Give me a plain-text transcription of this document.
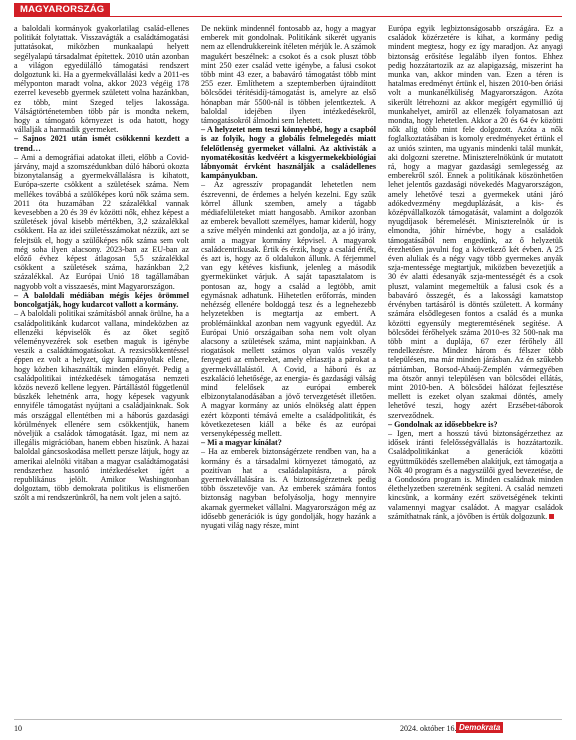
MAGYARORSZÁG

a baloldali kormányok gyakorlatilag család-ellenes politikát folytattak. Visszavágták a családtámogatási juttatásokat, miközben munkaalapú helyett segélyalapú társadalmat építettek. 2010 után azonban a világon egyedülálló támogatási rendszert dolgoztunk ki. Ha a gyermekvállalási kedv a 2011-es mélyponton maradt volna, akkor 2023 végéig 178 ezerrel kevesebb gyermek született volna hazánkban, ez több, mint Szeged teljes lakossága. Válságtörténetemben több pár is mondta nekem, hogy a támogató környezet is oda hatott, hogy vállalják a harmadik gyermeket.

– Sajnos 2021 után ismét csökkenni kezdett a trend…

– Ami a demográfiai adatokat illeti, előbb a Covid-járvány, majd a szomszédunkban dúló háború okozta bizonytalanság a gyermekvállalásra is kihatott, Európa-szerte csökkent a születések száma. Nem mellékes továbbá a szülőképes korú nők száma sem. 2011 óta huzamában 22 százalékkal vannak kevesebben a 20 és 39 év közötti nők, ehhez képest a születések jóval kisebb mértékben, 3,2 százalékkal csökkent. Ha az idei születésszámokat nézzük, azt se felejtsük el, hogy a szülőképes nők száma sem volt még soha ilyen alacsony. 2023-ban az EU-ban az előző évhez képest átlagosan 5,5 százalékkal csökkent a születések száma, hazánkban 2,2 százalékkal. Az Európai Unió 18 tagállamában nagyobb volt a visszaesés, mint Magyarországon.

– A baloldali médiában mégis kéjes örömmel boncolgatják, hogy kudarcot vallott a kormány.

– A baloldali politikai számításból annak örülne, ha a családpolitikánk kudarcot vallana, mindeközben az ellenzéki képviselők és az őket segítő véleményvezérek sok esetben maguk is igénybe veszik a családtámogatásokat. A rezsicsökkentéssel éppen ez volt a helyzet, úgy kampányoltak ellene, hogy közben kihasználták minden előnyét. Pedig a családpolitikai intézkedések támogatása nemzeti közös nevező kellene legyen. Pártállástól függetlenül büszkék lehetnénk arra, hogy képesek vagyunk ennyiféle támogatást nyújtani a családjainknak. Sok más országgal ellentétben mi a háborús gazdasági körülmények ellenére sem csökkentjük, hanem növeljük a családok támogatását. Igaz, mi nem az illegális migrációban, hanem ebben hiszünk. A hazai baloldal gáncsoskodása mellett persze látjuk, hogy az amerikai alelnöki vitában a magyar családtámogatási rendszerhez hasonló intézkedéseket ígért a republikánus jelölt. Amikor Washingtonban dolgoztam, több demokrata politikus is elismerően szólt a mi rendszerünkről, ha nem volt jelen a sajtó.

De nekünk mindennél fontosabb az, hogy a magyar emberek mit gondolnak. Politikánk sikerét ugyanis nem az ellendrukkereink ítéleten mérjük le. A számok magukért beszélnek: a csokot és a csok pluszt több mint 250 ezer család vette igénybe, a falusi csokot több mint 43 ezer, a babaváró támogatást több mint 255 ezer. Említhetem a szeptemberben újraindított bölcsődei térítésidíj-támogatást is, amelyre az első hónapban már 5500-nál is többen jelentkeztek. A baloldal idejében ilyen intézkedésekről, támogatásokról álmodni sem lehetett.

– A helyzetet nem teszi könnyebbé, hogy a csapból is az folyik, hogy a globális felmelegedés miatt felelőtlenség gyermeket vállalni. Az aktivisták a nyomatékosítás kedvéért a kisgyermekekbiológiai lábnyomát érvként használják a családellenes kampányukban.

– Az agresszív propagandát lehetetlen nem észrevenni, de érdemes a helyén kezelni. Egy szűk körrel állunk szemben, amely a tágabb médiafelületeket miatt hangosabb. Amikor azonban az emberek bevallott személyes, hamar kiderül, hogy a szíve mélyén mindenki azt gondolja, az a jó irány, amit a magyar kormány képvisel. A magyarok családcentrikusak. Értik és érzik, hogy a család érték, és azt is, hogy az ő oldalukon állunk. A férjemmel van egy kétéves kisfiunk, jelenleg a második gyermekünket várjuk. A saját tapasztalatom is pontosan az, hogy a család a legtöbb, amit egymásnak adhatunk. Hihetetlen erőforrás, minden nehézség ellenére boldoggá tesz és a legnehezebb helyzetekben is megtartja az embert. A problémáinkkal azonban nem vagyunk egyedül. Az Európai Unió országaiban soha nem volt olyan alacsony a születések száma, mint napjainkban. A riogatások mellett számos olyan valós veszély fenyegeti az embereket, amely elriasztja a párokat a gyermekvállalástól. A Covid, a háború és az eszkaláció lehetősége, az energia- és gazdasági válság mind felelősek az európai emberek elbizonytalanodásában a jövő tervezgetését illetően. A magyar kormány az uniós elnökség alatt éppen ezért központi témává emelte a családpolitikát, és következetesen kiáll a béke és az európai versenyképesség mellett.

– Mi a magyar kínálat?

– Ha az emberek biztonságérzete rendben van, ha a kormány és a társadalmi környezet támogató, az pozitívan hat a családalapításra, a párok gyermekvállalására is. A biztonságérzetnek pedig több összetevője van. Az emberek számára fontos biztonság nagyban befolyásolja, hogy mennyire akarnak gyermeket vállalni. Magyarországon még az idősebb generációk is úgy gondolják, hogy hazánk a nyugati világ nagy része, mint

Európa egyik legbiztonságosabb országára. Ez a családok közérzetére is kihat, a kormány pedig mindent megtesz, hogy ez így maradjon. Az anyagi biztonság erősítése legalább ilyen fontos. Ehhez pedig hozzátartozik az az alapigazság, miszerint ha munka van, akkor minden van. Ezen a téren is hatalmas eredményt értünk el, hiszen 2010-ben óriási volt a munkanélküliség Magyarországon. Azóta sikerült létrehozni az akkor megígért egymillió új munkahelyet, amiről az ellenzék folyamatosan azt mondta, hogy lehetetlen. Akkor a 20 és 64 év közötti nők alig több mint fele dolgozott. Azóta a nők foglalkoztatásában is komoly eredményeket értünk el az uniós szinten, ma ugyanis mindenki talál munkát, aki dolgozni szeretne. Miniszterelnökünk úr mutatott rá, hogy a magyar gazdasági semlegesség az emberekről szól. Ennek a politikának köszönhetően lehet jelentős gazdasági növekedés Magyarországon, amely lehetővé teszi a gyermekek utáni járó adókedvezmény megduplázását, a kis- és középvállalkozók támogatását, valamint a dolgozók nyugdíjasok béremelését. Miniszterelnök úr is elmondta, jóhír hírnévbe, hogy a családok támogatásából nem engedünk, az ő helyzetük érezhetően javulni fog a következő két évben. A 25 éven aluliak és a négy vagy több gyermekes anyák szja-mentessége megtartjuk, miközben bevezetjük a 30 év alatti édesanyák szja-mentességét és a csok pluszt, valamint megemeltük a falusi csok és a babaváró összegét, és a lakossági kamatstop érvényben tartásáról is döntés született. A kormány számára elsődlegesen fontos a család és a munka közötti egyensúly megteremtésének segítése. A bölcsődei férőhelyek száma 2010-es 32 500-nak ma több mint a duplája, 67 ezer férőhely áll rendelkezésre. Mindez három és félszer több településen, ma már minden járásban. Az én szűkebb pátriámban, Borsod-Abaúj-Zemplén vármegyében ma ötször annyi településen van bölcsődei ellátás, mint 2010-ben. A bölcsődei hálózat fejlesztése mellett is ezeket olyan szakmai döntés, amely lehetővé teszi, hogy azért Erzsébet-táborok szerveződnek.

– Gondolnak az idősebbekre is?

– Igen, mert a hosszú távú biztonságérzethez az idősek iránti felelősségvállalás is hozzátartozik. Családpolitikánkat a generációk közötti együttműködés szellemében alakítjuk, ezt támogatja a Nők 40 program és a nagyszülői gyed bevezetése, de a Gondosóra program is. Minden családnak minden élethelyzetben szeretnénk segíteni. A család nemzeti kincsünk, a kormány ezért szövetségének tekinti valamennyi magyar családot. A magyar családok számíthatnak ránk, a jövőben is értük dolgozunk.

10	2024. október 16. Demokrata
